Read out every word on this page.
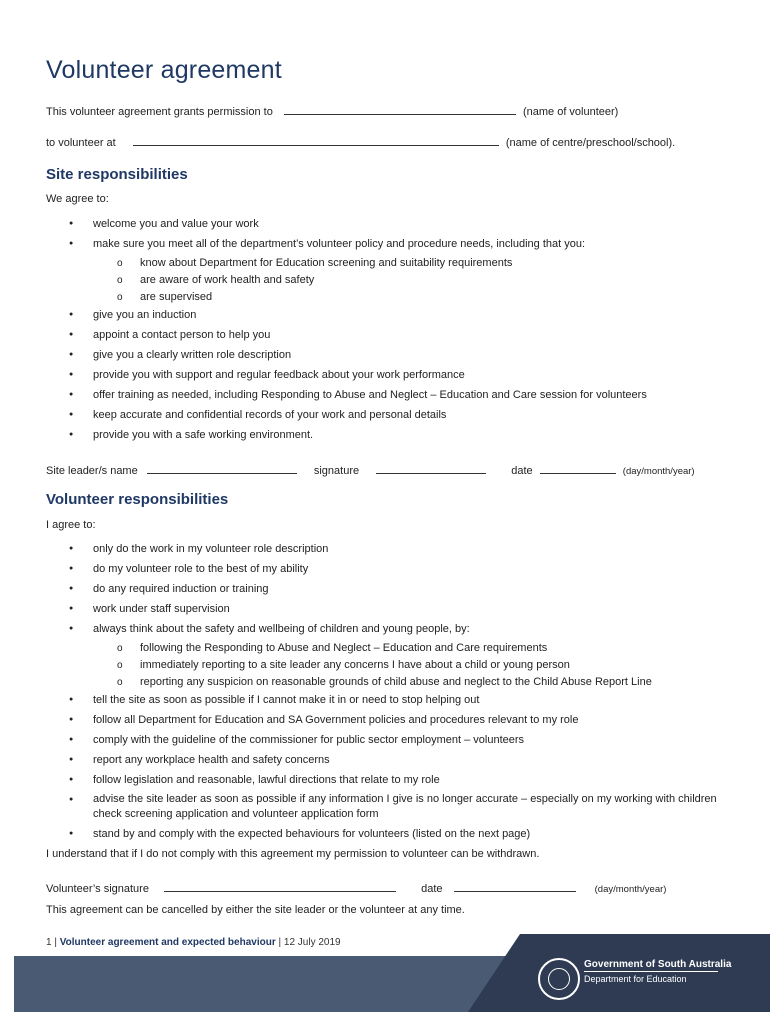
Volunteer agreement
This volunteer agreement grants permission to	(name of volunteer)
to volunteer at	(name of centre/preschool/school).
Site responsibilities
We agree to:
● welcome you and value your work
● make sure you meet all of the department’s volunteer policy and procedure needs, including that you:
o know about Department for Education screening and suitability requirements
o are aware of work health and safety
o are supervised
● give you an induction
● appoint a contact person to help you
● give you a clearly written role description
● provide you with support and regular feedback about your work performance
● offer training as needed, including Responding to Abuse and Neglect – Education and Care session for volunteers
● keep accurate and confidential records of your work and personal details
● provide you with a safe working environment.
Site leader/s name	signature	date	(day/month/year)
Volunteer responsibilities
I agree to:
● only do the work in my volunteer role description
● do my volunteer role to the best of my ability
● do any required induction or training
● work under staff supervision
● always think about the safety and wellbeing of children and young people, by:
o following the Responding to Abuse and Neglect – Education and Care requirements
o immediately reporting to a site leader any concerns I have about a child or young person
o reporting any suspicion on reasonable grounds of child abuse and neglect to the Child Abuse Report Line
● tell the site as soon as possible if I cannot make it in or need to stop helping out
● follow all Department for Education and SA Government policies and procedures relevant to my role
● comply with the guideline of the commissioner for public sector employment – volunteers
● report any workplace health and safety concerns
● follow legislation and reasonable, lawful directions that relate to my role
● advise the site leader as soon as possible if any information I give is no longer accurate – especially on my working with children check screening application and volunteer application form
● stand by and comply with the expected behaviours for volunteers (listed on the next page)
I understand that if I do not comply with this agreement my permission to volunteer can be withdrawn.
Volunteer’s signature	date	(day/month/year)
This agreement can be cancelled by either the site leader or the volunteer at any time.
1 | Volunteer agreement and expected behaviour | 12 July 2019
Government of South Australia
Department for Education
